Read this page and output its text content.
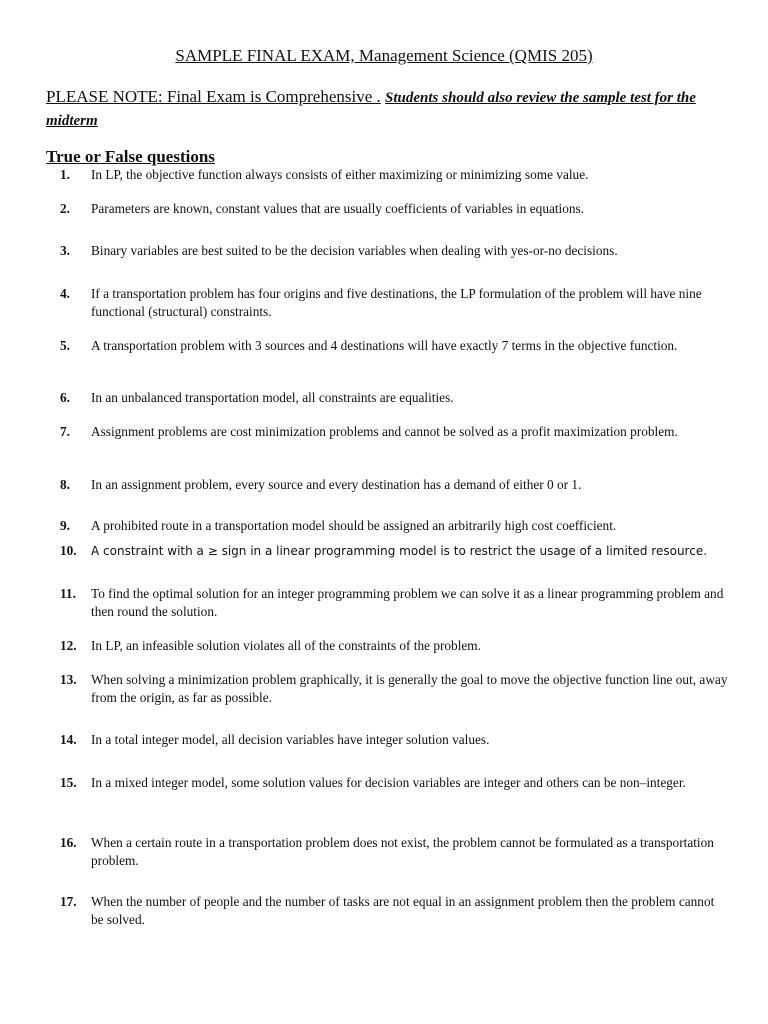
SAMPLE FINAL EXAM, Management Science (QMIS 205)
PLEASE NOTE: Final Exam is Comprehensive . Students should also review the sample test for the midterm
True or False questions
1.	In LP, the objective function always consists of either maximizing or minimizing some value.
2.	Parameters are known, constant values that are usually coefficients of variables in equations.
3.	Binary variables are best suited to be the decision variables when dealing with yes-or-no decisions.
4.	If a transportation problem has four origins and five destinations, the LP formulation of the problem will have nine functional (structural) constraints.
5.	A transportation problem with 3 sources and 4 destinations will have exactly 7 terms in the objective function.
6.	In an unbalanced transportation model, all constraints are equalities.
7.	Assignment problems are cost minimization problems and cannot be solved as a profit maximization problem.
8.	In an assignment problem, every source and every destination has a demand of either 0 or 1.
9.	A prohibited route in a transportation model should be assigned an arbitrarily high cost coefficient.
10.	A constraint with a ≥ sign in a linear programming model is to restrict the usage of a limited resource.
11.	To find the optimal solution for an integer programming problem we can solve it as a linear programming problem and then round the solution.
12.	In LP, an infeasible solution violates all of the constraints of the problem.
13.	When solving a minimization problem graphically, it is generally the goal to move the objective function line out, away from the origin, as far as possible.
14.	In a total integer model, all decision variables have integer solution values.
15.	In a mixed integer model, some solution values for decision variables are integer and others can be non–integer.
16.	When a certain route in a transportation problem does not exist, the problem cannot be formulated as a transportation problem.
17.	When the number of people and the number of tasks are not equal in an assignment problem then the problem cannot be solved.
